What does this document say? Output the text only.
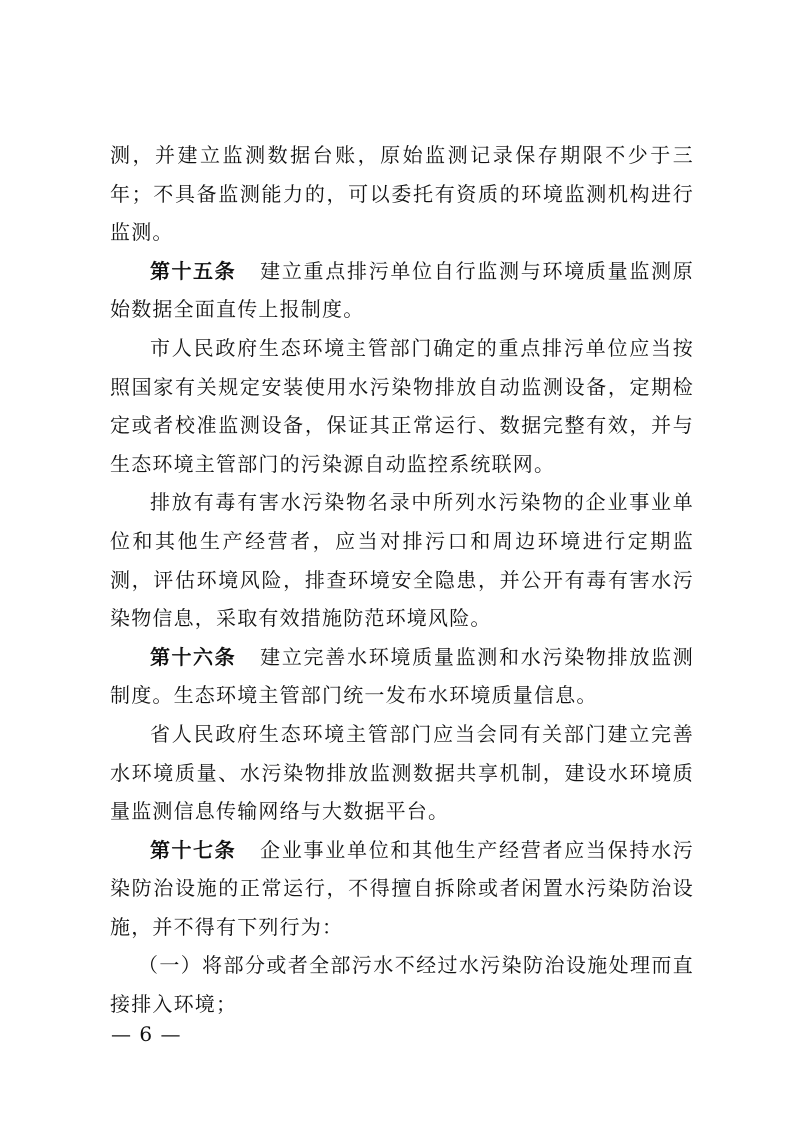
测，并建立监测数据台账，原始监测记录保存期限不少于三年；不具备监测能力的，可以委托有资质的环境监测机构进行监测。

第十五条 建立重点排污单位自行监测与环境质量监测原始数据全面直传上报制度。

市人民政府生态环境主管部门确定的重点排污单位应当按照国家有关规定安装使用水污染物排放自动监测设备，定期检定或者校准监测设备，保证其正常运行、数据完整有效，并与生态环境主管部门的污染源自动监控系统联网。

排放有毒有害水污染物名录中所列水污染物的企业事业单位和其他生产经营者，应当对排污口和周边环境进行定期监测，评估环境风险，排查环境安全隐患，并公开有毒有害水污染物信息，采取有效措施防范环境风险。

第十六条 建立完善水环境质量监测和水污染物排放监测制度。生态环境主管部门统一发布水环境质量信息。

省人民政府生态环境主管部门应当会同有关部门建立完善水环境质量、水污染物排放监测数据共享机制，建设水环境质量监测信息传输网络与大数据平台。

第十七条 企业事业单位和其他生产经营者应当保持水污染防治设施的正常运行，不得擅自拆除或者闲置水污染防治设施，并不得有下列行为：

（一）将部分或者全部污水不经过水污染防治设施处理而直接排入环境；

— 6 —
